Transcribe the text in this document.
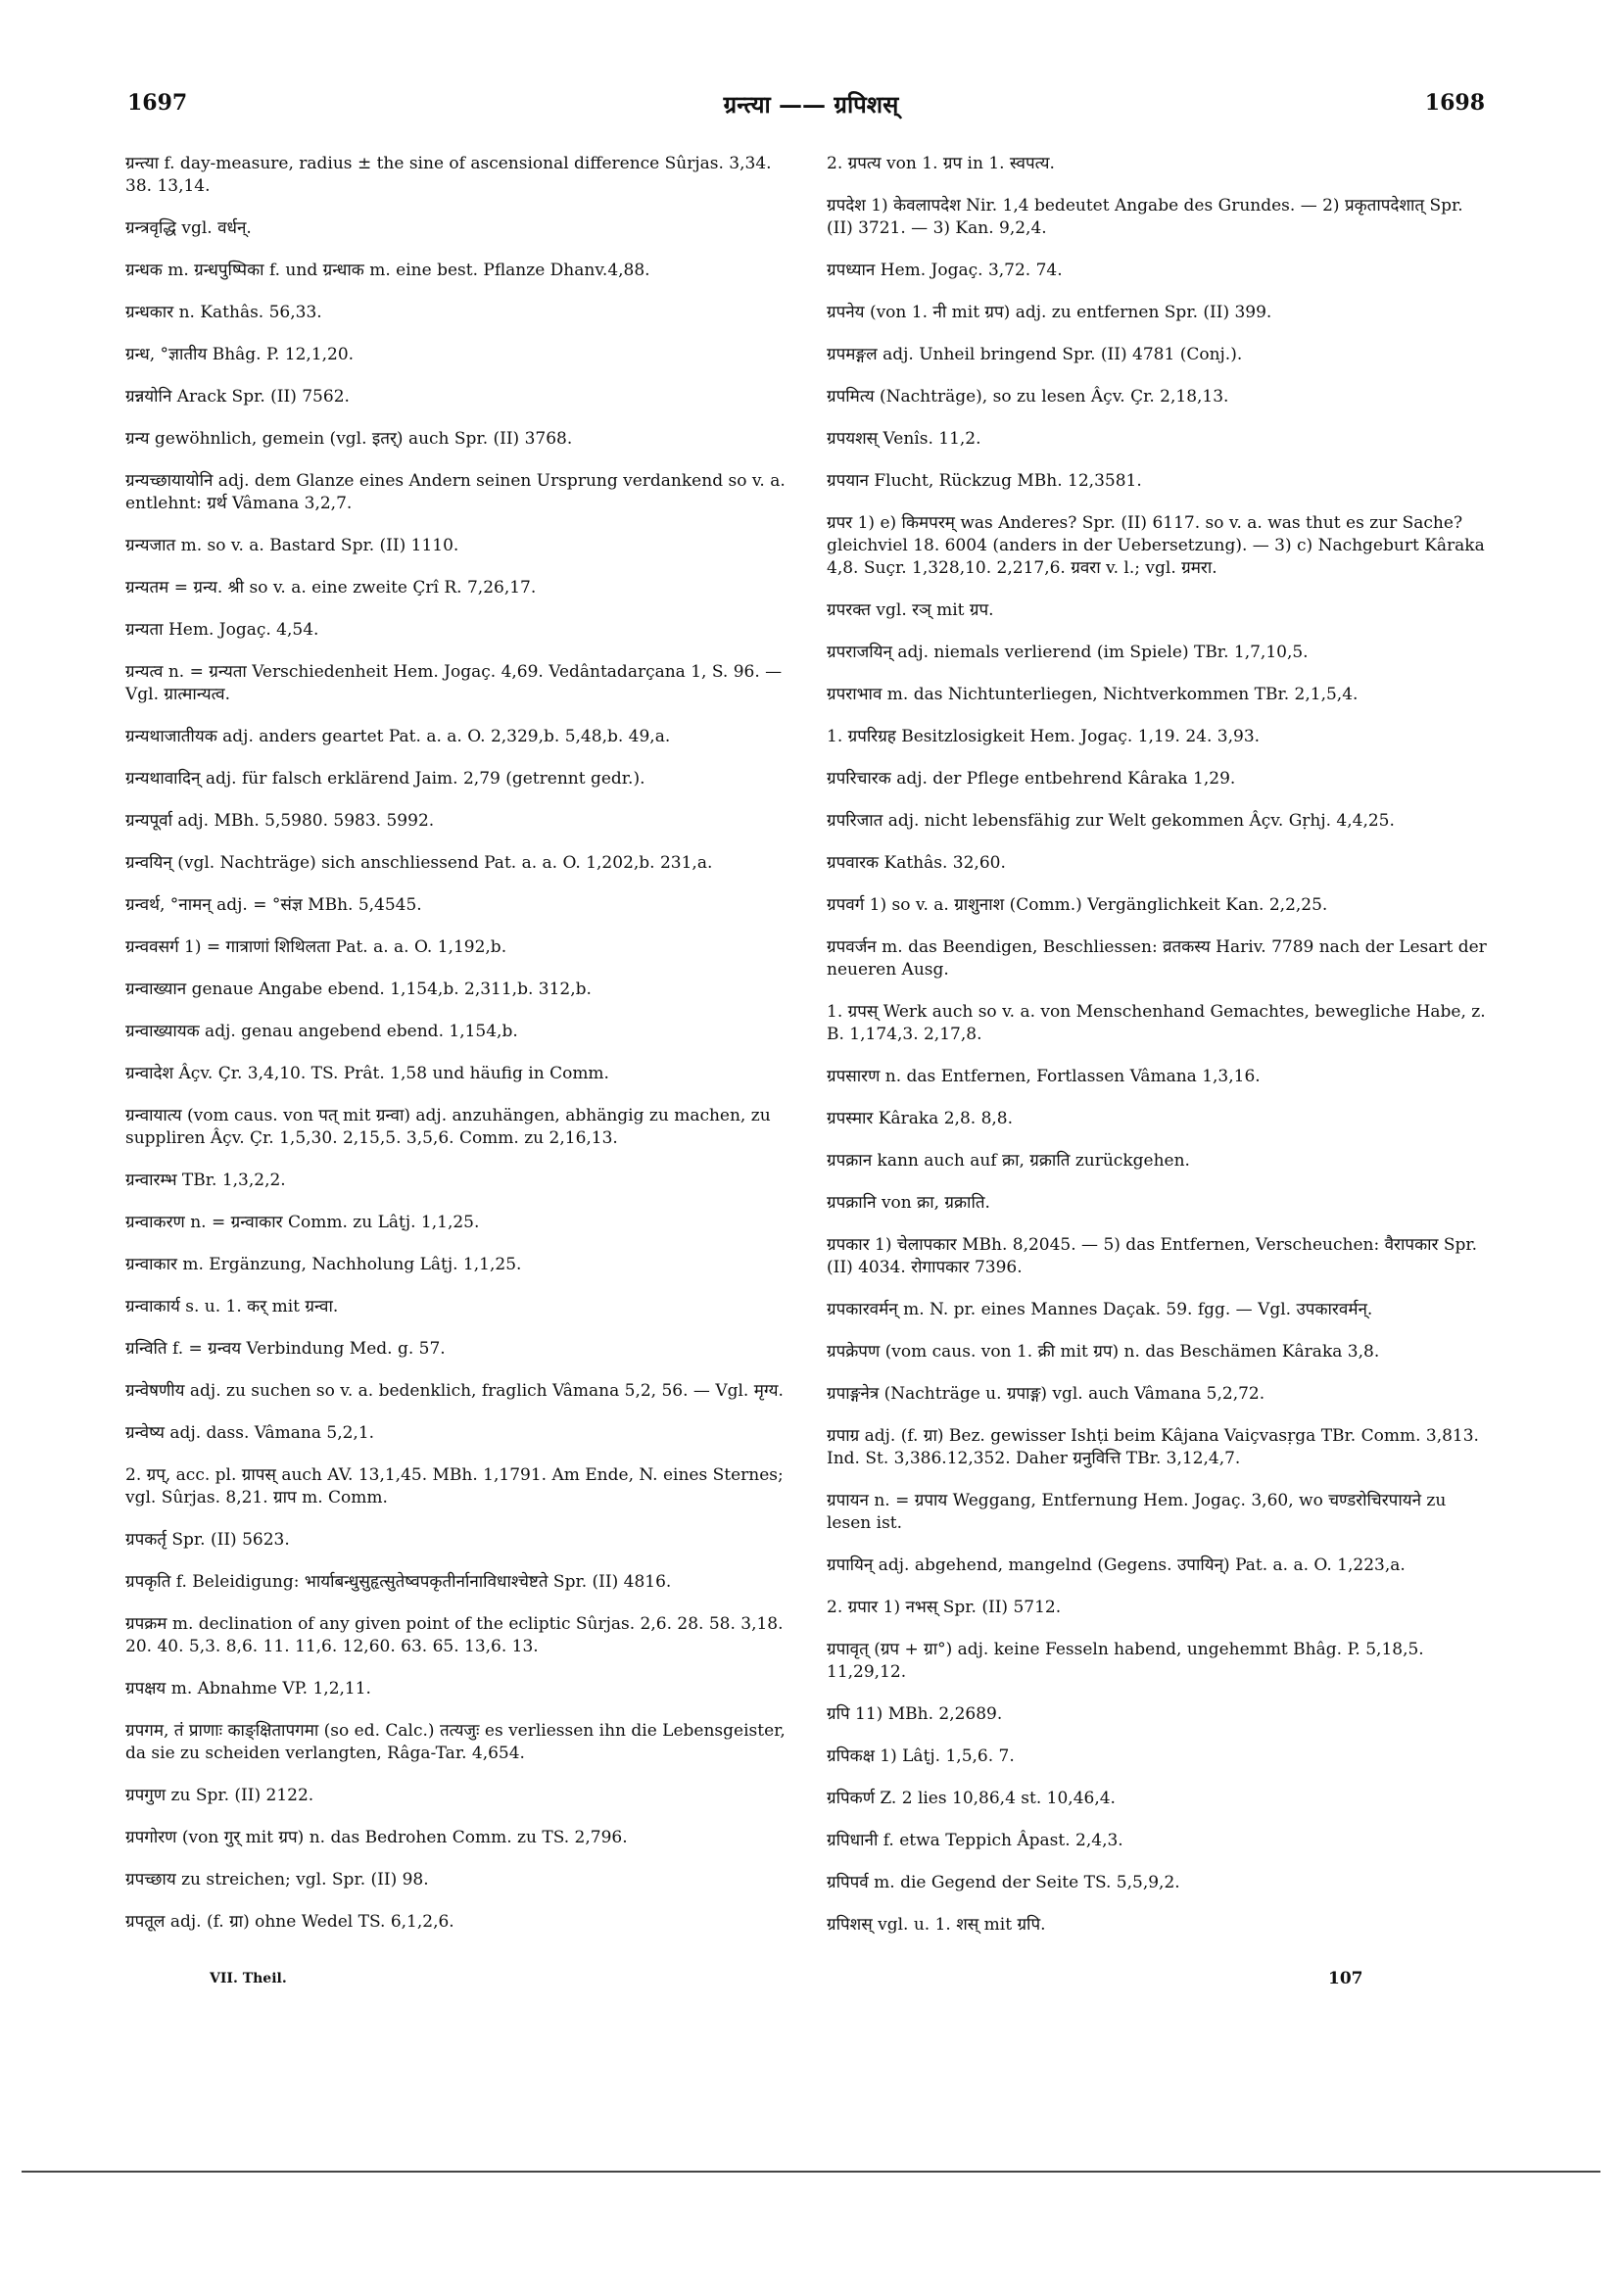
1697	ग्रन्त्या —— ग्रपिशस्	1698
ग्रन्त्या f. day-measure, radius ± the sine of ascensional difference Sûrjas. 3,34. 38. 13,14.
ग्रन्त्रवृद्धि vgl. वर्धन्.
ग्रन्धक m. ग्रन्धपुष्पिका f. und ग्रन्धाक m. eine best. Pflanze Dhanv.4,88.
ग्रन्धकार n. Kathâs. 56,33.
ग्रन्ध, °ज्ञातीय Bhâg. P. 12,1,20.
ग्रन्नयोनि Arack Spr. (II) 7562.
ग्रन्य gewöhnlich, gemein (vgl. इतर्) auch Spr. (II) 3768.
ग्रन्यच्छायायोनि adj. dem Glanze eines Andern seinen Ursprung verdankend so v. a. entlehnt: ग्रर्थ Vâmana 3,2,7.
ग्रन्यजात m. so v. a. Bastard Spr. (II) 1110.
ग्रन्यतम = ग्रन्य. श्री so v. a. eine zweite Çrî R. 7,26,17.
ग्रन्यता Hem. Jogaç. 4,54.
ग्रन्यत्व n. = ग्रन्यता Verschiedenheit Hem. Jogaç. 4,69. Vedântadarçana 1, S. 96. — Vgl. ग्रात्मान्यत्व.
ग्रन्यथाजातीयक adj. anders geartet Pat. a. a. O. 2,329,b. 5,48,b. 49,a.
ग्रन्यथावादिन् adj. für falsch erklärend Jaim. 2,79 (getrennt gedr.).
ग्रन्यपूर्वा adj. MBh. 5,5980. 5983. 5992.
ग्रन्वयिन् (vgl. Nachträge) sich anschliessend Pat. a. a. O. 1,202,b. 231,a.
ग्रन्वर्थ, °नामन् adj. = °संज्ञ MBh. 5,4545.
ग्रन्ववसर्ग 1) = गात्राणां शिथिलता Pat. a. a. O. 1,192,b.
ग्रन्वाख्यान genaue Angabe ebend. 1,154,b. 2,311,b. 312,b.
ग्रन्वाख्यायक adj. genau angebend ebend. 1,154,b.
ग्रन्वादेश Âçv. Çr. 3,4,10. TS. Prât. 1,58 und häufig in Comm.
ग्रन्वायात्य (vom caus. von पत् mit ग्रन्वा) adj. anzuhängen, abhängig zu machen, zu suppliren Âçv. Çr. 1,5,30. 2,15,5. 3,5,6. Comm. zu 2,16,13.
ग्रन्वारम्भ TBr. 1,3,2,2.
ग्रन्वाकरण n. = ग्रन्वाकार Comm. zu Lâṭj. 1,1,25.
ग्रन्वाकार m. Ergänzung, Nachholung Lâṭj. 1,1,25.
ग्रन्वाकार्य s. u. 1. कर् mit ग्रन्वा.
ग्रन्विति f. = ग्रन्वय Verbindung Med. g. 57.
ग्रन्वेषणीय adj. zu suchen so v. a. bedenklich, fraglich Vâmana 5,2, 56. — Vgl. मृग्य.
ग्रन्वेष्य adj. dass. Vâmana 5,2,1.
2. ग्रप्, acc. pl. ग्रापस् auch AV. 13,1,45. MBh. 1,1791. Am Ende, N. eines Sternes; vgl. Sûrjas. 8,21. ग्राप m. Comm.
ग्रपकर्तृ Spr. (II) 5623.
ग्रपकृति f. Beleidigung: भार्याबन्धुसुहृत्सुतेष्वपकृतीर्नानाविधाश्चेष्टते Spr. (II) 4816.
ग्रपक्रम m. declination of any given point of the ecliptic Sûrjas. 2,6. 28. 58. 3,18. 20. 40. 5,3. 8,6. 11. 11,6. 12,60. 63. 65. 13,6. 13.
ग्रपक्षय m. Abnahme VP. 1,2,11.
ग्रपगम, तं प्राणाः काङ्क्षितापगमा (so ed. Calc.) तत्यजुः es verliessen ihn die Lebensgeister, da sie zu scheiden verlangten, Râga-Tar. 4,654.
ग्रपगुण zu Spr. (II) 2122.
ग्रपगोरण (von गुर् mit ग्रप) n. das Bedrohen Comm. zu TS. 2,796.
ग्रपच्छाय zu streichen; vgl. Spr. (II) 98.
ग्रपतूल adj. (f. ग्रा) ohne Wedel TS. 6,1,2,6.
2. ग्रपत्य von 1. ग्रप in 1. स्वपत्य.
ग्रपदेश 1) केवलापदेश Nir. 1,4 bedeutet Angabe des Grundes. — 2) प्रकृतापदेशात् Spr. (II) 3721. — 3) Kan. 9,2,4.
ग्रपध्यान Hem. Jogaç. 3,72. 74.
ग्रपनेय (von 1. नी mit ग्रप) adj. zu entfernen Spr. (II) 399.
ग्रपमङ्गल adj. Unheil bringend Spr. (II) 4781 (Conj.).
ग्रपमित्य (Nachträge), so zu lesen Âçv. Çr. 2,18,13.
ग्रपयशस् Venîs. 11,2.
ग्रपयान Flucht, Rückzug MBh. 12,3581.
ग्रपर 1) e) किमपरम् was Anderes? Spr. (II) 6117. so v. a. was thut es zur Sache? gleichviel 18. 6004 (anders in der Uebersetzung). — 3) c) Nachgeburt Kâraka 4,8. Suçr. 1,328,10. 2,217,6. ग्रवरा v. l.; vgl. ग्रमरा.
ग्रपरक्त vgl. रञ् mit ग्रप.
ग्रपराजयिन् adj. niemals verlierend (im Spiele) TBr. 1,7,10,5.
ग्रपराभाव m. das Nichtunterliegen, Nichtverkommen TBr. 2,1,5,4.
1. ग्रपरिग्रह Besitzlosigkeit Hem. Jogaç. 1,19. 24. 3,93.
ग्रपरिचारक adj. der Pflege entbehrend Kâraka 1,29.
ग्रपरिजात adj. nicht lebensfähig zur Welt gekommen Âçv. Gṛhj. 4,4,25.
ग्रपवारक Kathâs. 32,60.
ग्रपवर्ग 1) so v. a. ग्राशुनाश (Comm.) Vergänglichkeit Kan. 2,2,25.
ग्रपवर्जन m. das Beendigen, Beschliessen: व्रतकस्य Hariv. 7789 nach der Lesart der neueren Ausg.
1. ग्रपस् Werk auch so v. a. von Menschenhand Gemachtes, bewegliche Habe, z. B. 1,174,3. 2,17,8.
ग्रपसारण n. das Entfernen, Fortlassen Vâmana 1,3,16.
ग्रपस्मार Kâraka 2,8. 8,8.
ग्रपक्रान kann auch auf क्रा, ग्रक्राति zurückgehen.
ग्रपक्रानि von क्रा, ग्रक्राति.
ग्रपकार 1) चेलापकार MBh. 8,2045. — 5) das Entfernen, Verscheuchen: वैरापकार Spr. (II) 4034. रोगापकार 7396.
ग्रपकारवर्मन् m. N. pr. eines Mannes Daçak. 59. fgg. — Vgl. उपकारवर्मन्.
ग्रपक्रेपण (vom caus. von 1. क्री mit ग्रप) n. das Beschämen Kâraka 3,8.
ग्रपाङ्गनेत्र (Nachträge u. ग्रपाङ्ग) vgl. auch Vâmana 5,2,72.
ग्रपाग्र adj. (f. ग्रा) Bez. gewisser Ishṭi beim Kâjana Vaiçvasṛga TBr. Comm. 3,813. Ind. St. 3,386.12,352. Daher ग्रनुवित्ति TBr. 3,12,4,7.
ग्रपायन n. = ग्रपाय Weggang, Entfernung Hem. Jogaç. 3,60, wo चण्डरोचिरपायने zu lesen ist.
ग्रपायिन् adj. abgehend, mangelnd (Gegens. उपायिन्) Pat. a. a. O. 1,223,a.
2. ग्रपार 1) नभस् Spr. (II) 5712.
ग्रपावृत् (ग्रप + ग्रा°) adj. keine Fesseln habend, ungehemmt Bhâg. P. 5,18,5. 11,29,12.
ग्रपि 11) MBh. 2,2689.
ग्रपिकक्ष 1) Lâṭj. 1,5,6. 7.
ग्रपिकर्ण Z. 2 lies 10,86,4 st. 10,46,4.
ग्रपिधानी f. etwa Teppich Âpast. 2,4,3.
ग्रपिपर्व m. die Gegend der Seite TS. 5,5,9,2.
ग्रपिशस् vgl. u. 1. शस् mit ग्रपि.
VII. Theil.	107
